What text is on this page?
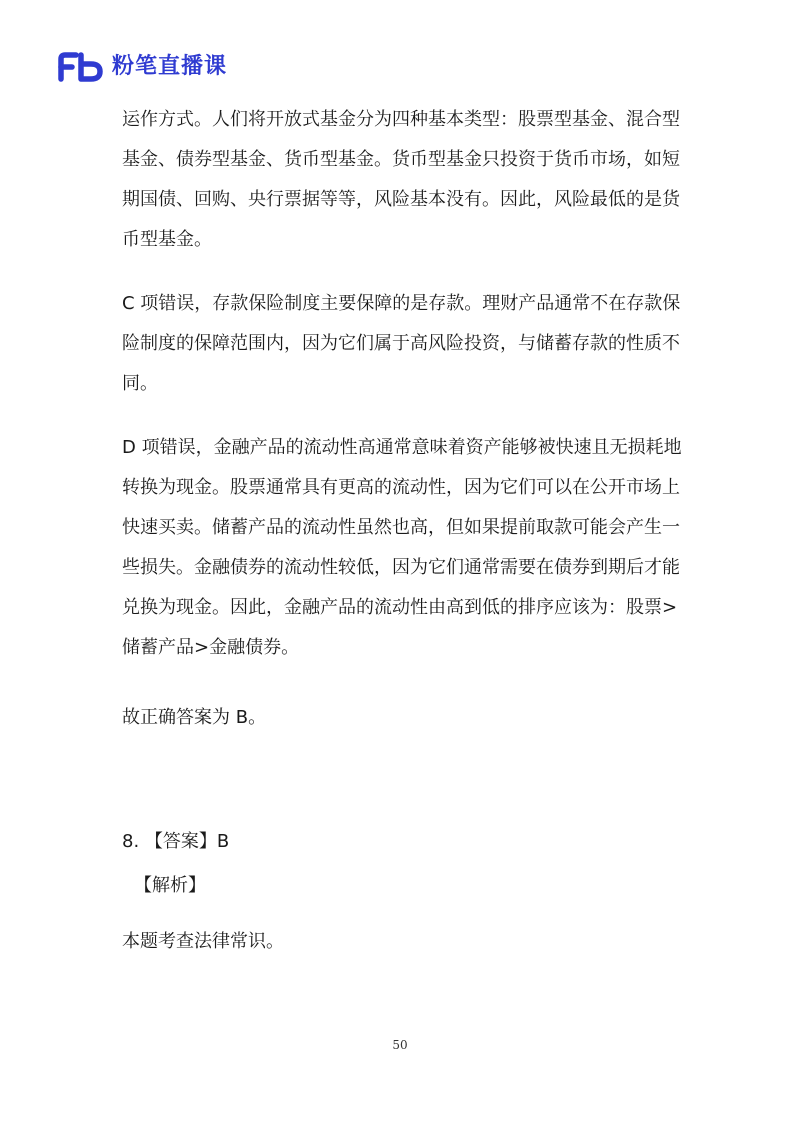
粉笔直播课

运作方式。人们将开放式基金分为四种基本类型：股票型基金、混合型基金、债券型基金、货币型基金。货币型基金只投资于货币市场，如短期国债、回购、央行票据等等，风险基本没有。因此，风险最低的是货币型基金。

C 项错误，存款保险制度主要保障的是存款。理财产品通常不在存款保险制度的保障范围内，因为它们属于高风险投资，与储蓄存款的性质不同。

D 项错误，金融产品的流动性高通常意味着资产能够被快速且无损耗地转换为现金。股票通常具有更高的流动性，因为它们可以在公开市场上快速买卖。储蓄产品的流动性虽然也高，但如果提前取款可能会产生一些损失。金融债券的流动性较低，因为它们通常需要在债券到期后才能兑换为现金。因此，金融产品的流动性由高到低的排序应该为：股票>储蓄产品>金融债券。

故正确答案为 B。

8. 【答案】B

【解析】

本题考查法律常识。

50
